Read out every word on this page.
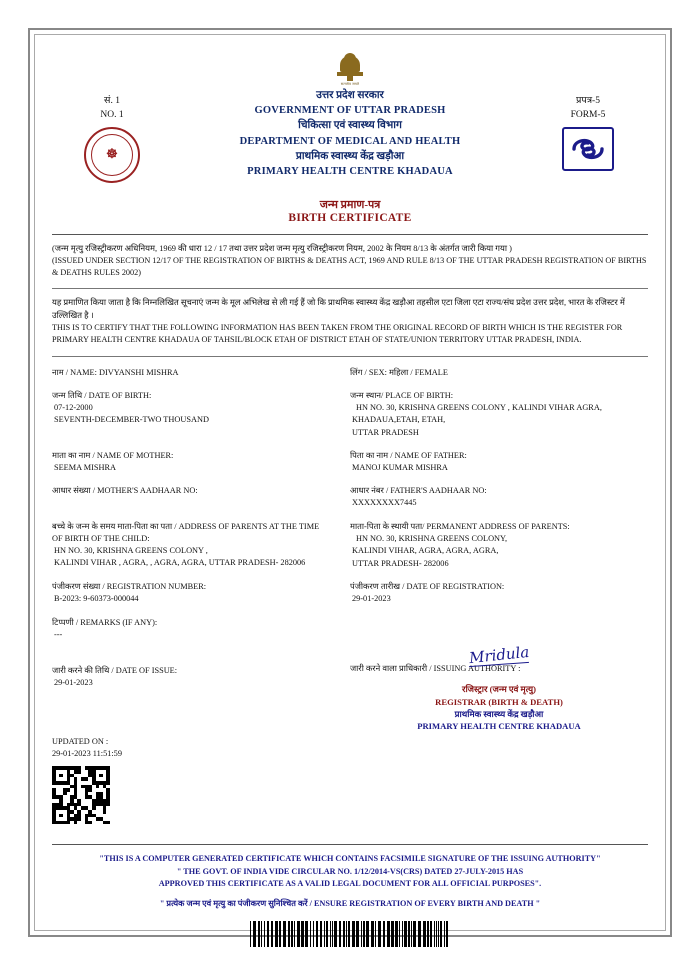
सत्यमेव जयते
सं. 1
NO. 1
☸
उत्तर प्रदेश सरकार
GOVERNMENT OF UTTAR PRADESH
चिकित्सा एवं स्वास्थ्य विभाग
DEPARTMENT OF MEDICAL AND HEALTH
प्राथमिक स्वास्थ्य केंद्र खड़ौआ
PRIMARY HEALTH CENTRE KHADAUA
प्रपत्र-5
FORM-5
जन्म प्रमाण-पत्र
BIRTH CERTIFICATE
(जन्म मृत्यु रजिस्ट्रीकरण अधिनियम, 1969 की धारा 12 / 17 तथा उत्तर प्रदेश जन्म मृत्यु रजिस्ट्रीकरण नियम, 2002 के नियम 8/13 के अंतर्गत जारी किया गया )
(ISSUED UNDER SECTION 12/17 OF THE REGISTRATION OF BIRTHS & DEATHS ACT, 1969 AND RULE 8/13 OF THE UTTAR PRADESH REGISTRATION OF BIRTHS & DEATHS RULES 2002)
यह प्रमाणित किया जाता है कि निम्नलिखित सूचनाएं जन्म के मूल अभिलेख से ली गई हैं जो कि प्राथमिक स्वास्थ्य केंद्र खड़ौआ तहसील एटा जिला एटा राज्य/संघ प्रदेश उत्तर प्रदेश, भारत के रजिस्टर में उल्लिखित है ।
THIS IS TO CERTIFY THAT THE FOLLOWING INFORMATION HAS BEEN TAKEN FROM THE ORIGINAL RECORD OF BIRTH WHICH IS THE REGISTER FOR PRIMARY HEALTH CENTRE KHADAUA OF TAHSIL/BLOCK ETAH OF DISTRICT ETAH OF STATE/UNION TERRITORY UTTAR PRADESH, INDIA.
नाम / NAME: DIVYANSHI MISHRA	लिंग / SEX: महिला / FEMALE
जन्म तिथि / DATE OF BIRTH:
07-12-2000
SEVENTH-DECEMBER-TWO THOUSAND
जन्म स्थान/ PLACE OF BIRTH:
HN NO. 30, KRISHNA GREENS COLONY , KALINDI VIHAR AGRA,
KHADAUA,ETAH, ETAH,
UTTAR PRADESH
माता का नाम / NAME OF MOTHER:
SEEMA MISHRA
पिता का नाम / NAME OF FATHER:
MANOJ KUMAR MISHRA
आधार संख्या / MOTHER'S AADHAAR NO:	आधार नंबर / FATHER'S AADHAAR NO:
XXXXXXXX7445
बच्चे के जन्म के समय माता-पिता का पता / ADDRESS OF PARENTS AT THE TIME
OF BIRTH OF THE CHILD:
HN NO. 30, KRISHNA GREENS COLONY ,
KALINDI VIHAR , AGRA, , AGRA, AGRA, UTTAR PRADESH- 282006
माता-पिता के स्थायी पता/ PERMANENT ADDRESS OF PARENTS:
HN NO. 30, KRISHNA GREENS COLONY,
KALINDI VIHAR, AGRA, AGRA, AGRA,
UTTAR PRADESH- 282006
पंजीकरण संख्या / REGISTRATION NUMBER:
B-2023: 9-60373-000044
पंजीकरण तारीख / DATE OF REGISTRATION:
29-01-2023
टिप्पणी / REMARKS (IF ANY):
---
जारी करने की तिथि / DATE OF ISSUE:
29-01-2023
UPDATED ON :
29-01-2023 11:51:59
जारी करने वाला प्राधिकारी / ISSUING AUTHORITY :
Mridula
रजिस्ट्रार (जन्म एवं मृत्यु)
REGISTRAR (BIRTH & DEATH)
प्राथमिक स्वास्थ्य केंद्र खड़ौआ
PRIMARY HEALTH CENTRE KHADAUA
"THIS IS A COMPUTER GENERATED CERTIFICATE WHICH CONTAINS FACSIMILE SIGNATURE OF THE ISSUING AUTHORITY"
" THE GOVT. OF INDIA VIDE CIRCULAR NO. 1/12/2014-VS(CRS) DATED 27-JULY-2015 HAS
APPROVED THIS CERTIFICATE AS A VALID LEGAL DOCUMENT FOR ALL OFFICIAL PURPOSES".
" प्रत्येक जन्म एवं मृत्यु का पंजीकरण सुनिश्चित करें / ENSURE REGISTRATION OF EVERY BIRTH AND DEATH "
